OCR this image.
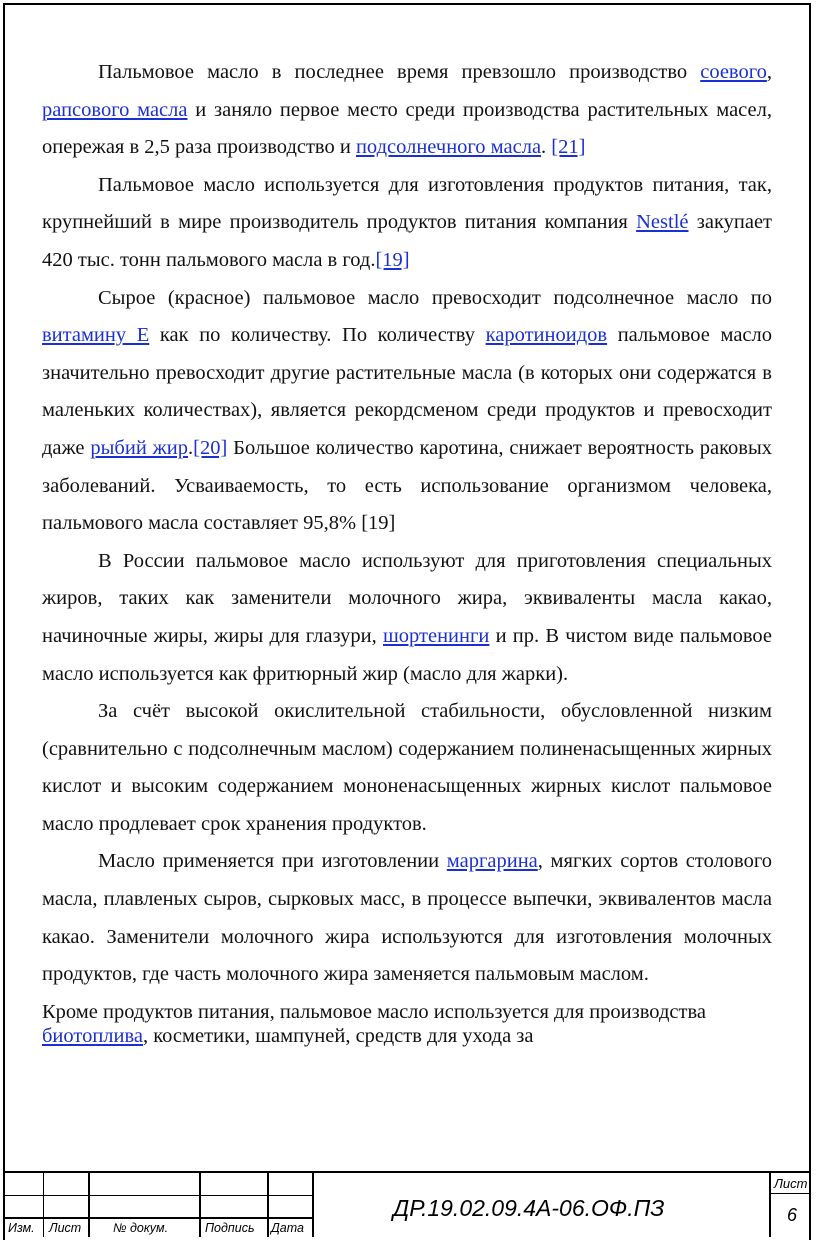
Пальмовое масло в последнее время превзошло производство соевого, рапсового масла и заняло первое место среди производства растительных масел, опережая в 2,5 раза производство и подсолнечного масла. [21]

Пальмовое масло используется для изготовления продуктов питания, так, крупнейший в мире производитель продуктов питания компания Nestlé закупает 420 тыс. тонн пальмового масла в год.[19]

Сырое (красное) пальмовое масло превосходит подсолнечное масло по витамину Е как по количеству. По количеству каротиноидов пальмовое масло значительно превосходит другие растительные масла (в которых они содержатся в маленьких количествах), является рекордсменом среди продуктов и превосходит даже рыбий жир.[20] Большое количество каротина, снижает вероятность раковых заболеваний. Усваиваемость, то есть использование организмом человека, пальмового масла составляет 95,8% [19]

В России пальмовое масло используют для приготовления специальных жиров, таких как заменители молочного жира, эквиваленты масла какао, начиночные жиры, жиры для глазури, шортенинги и пр. В чистом виде пальмовое масло используется как фритюрный жир (масло для жарки).

За счёт высокой окислительной стабильности, обусловленной низким (сравнительно с подсолнечным маслом) содержанием полиненасыщенных жирных кислот и высоким содержанием мононенасыщенных жирных кислот пальмовое масло продлевает срок хранения продуктов.

Масло применяется при изготовлении маргарина, мягких сортов столового масла, плавленых сыров, сырковых масс, в процессе выпечки, эквивалентов масла какао. Заменители молочного жира используются для изготовления молочных продуктов, где часть молочного жира заменяется пальмовым маслом.

Кроме продуктов питания, пальмовое масло используется для производства биотоплива, косметики, шампуней, средств для ухода за

Изм. Лист	№ докум.	Подпись Дата
ДР.19.02.09.4А-06.ОФ.ПЗ
Лист
6
